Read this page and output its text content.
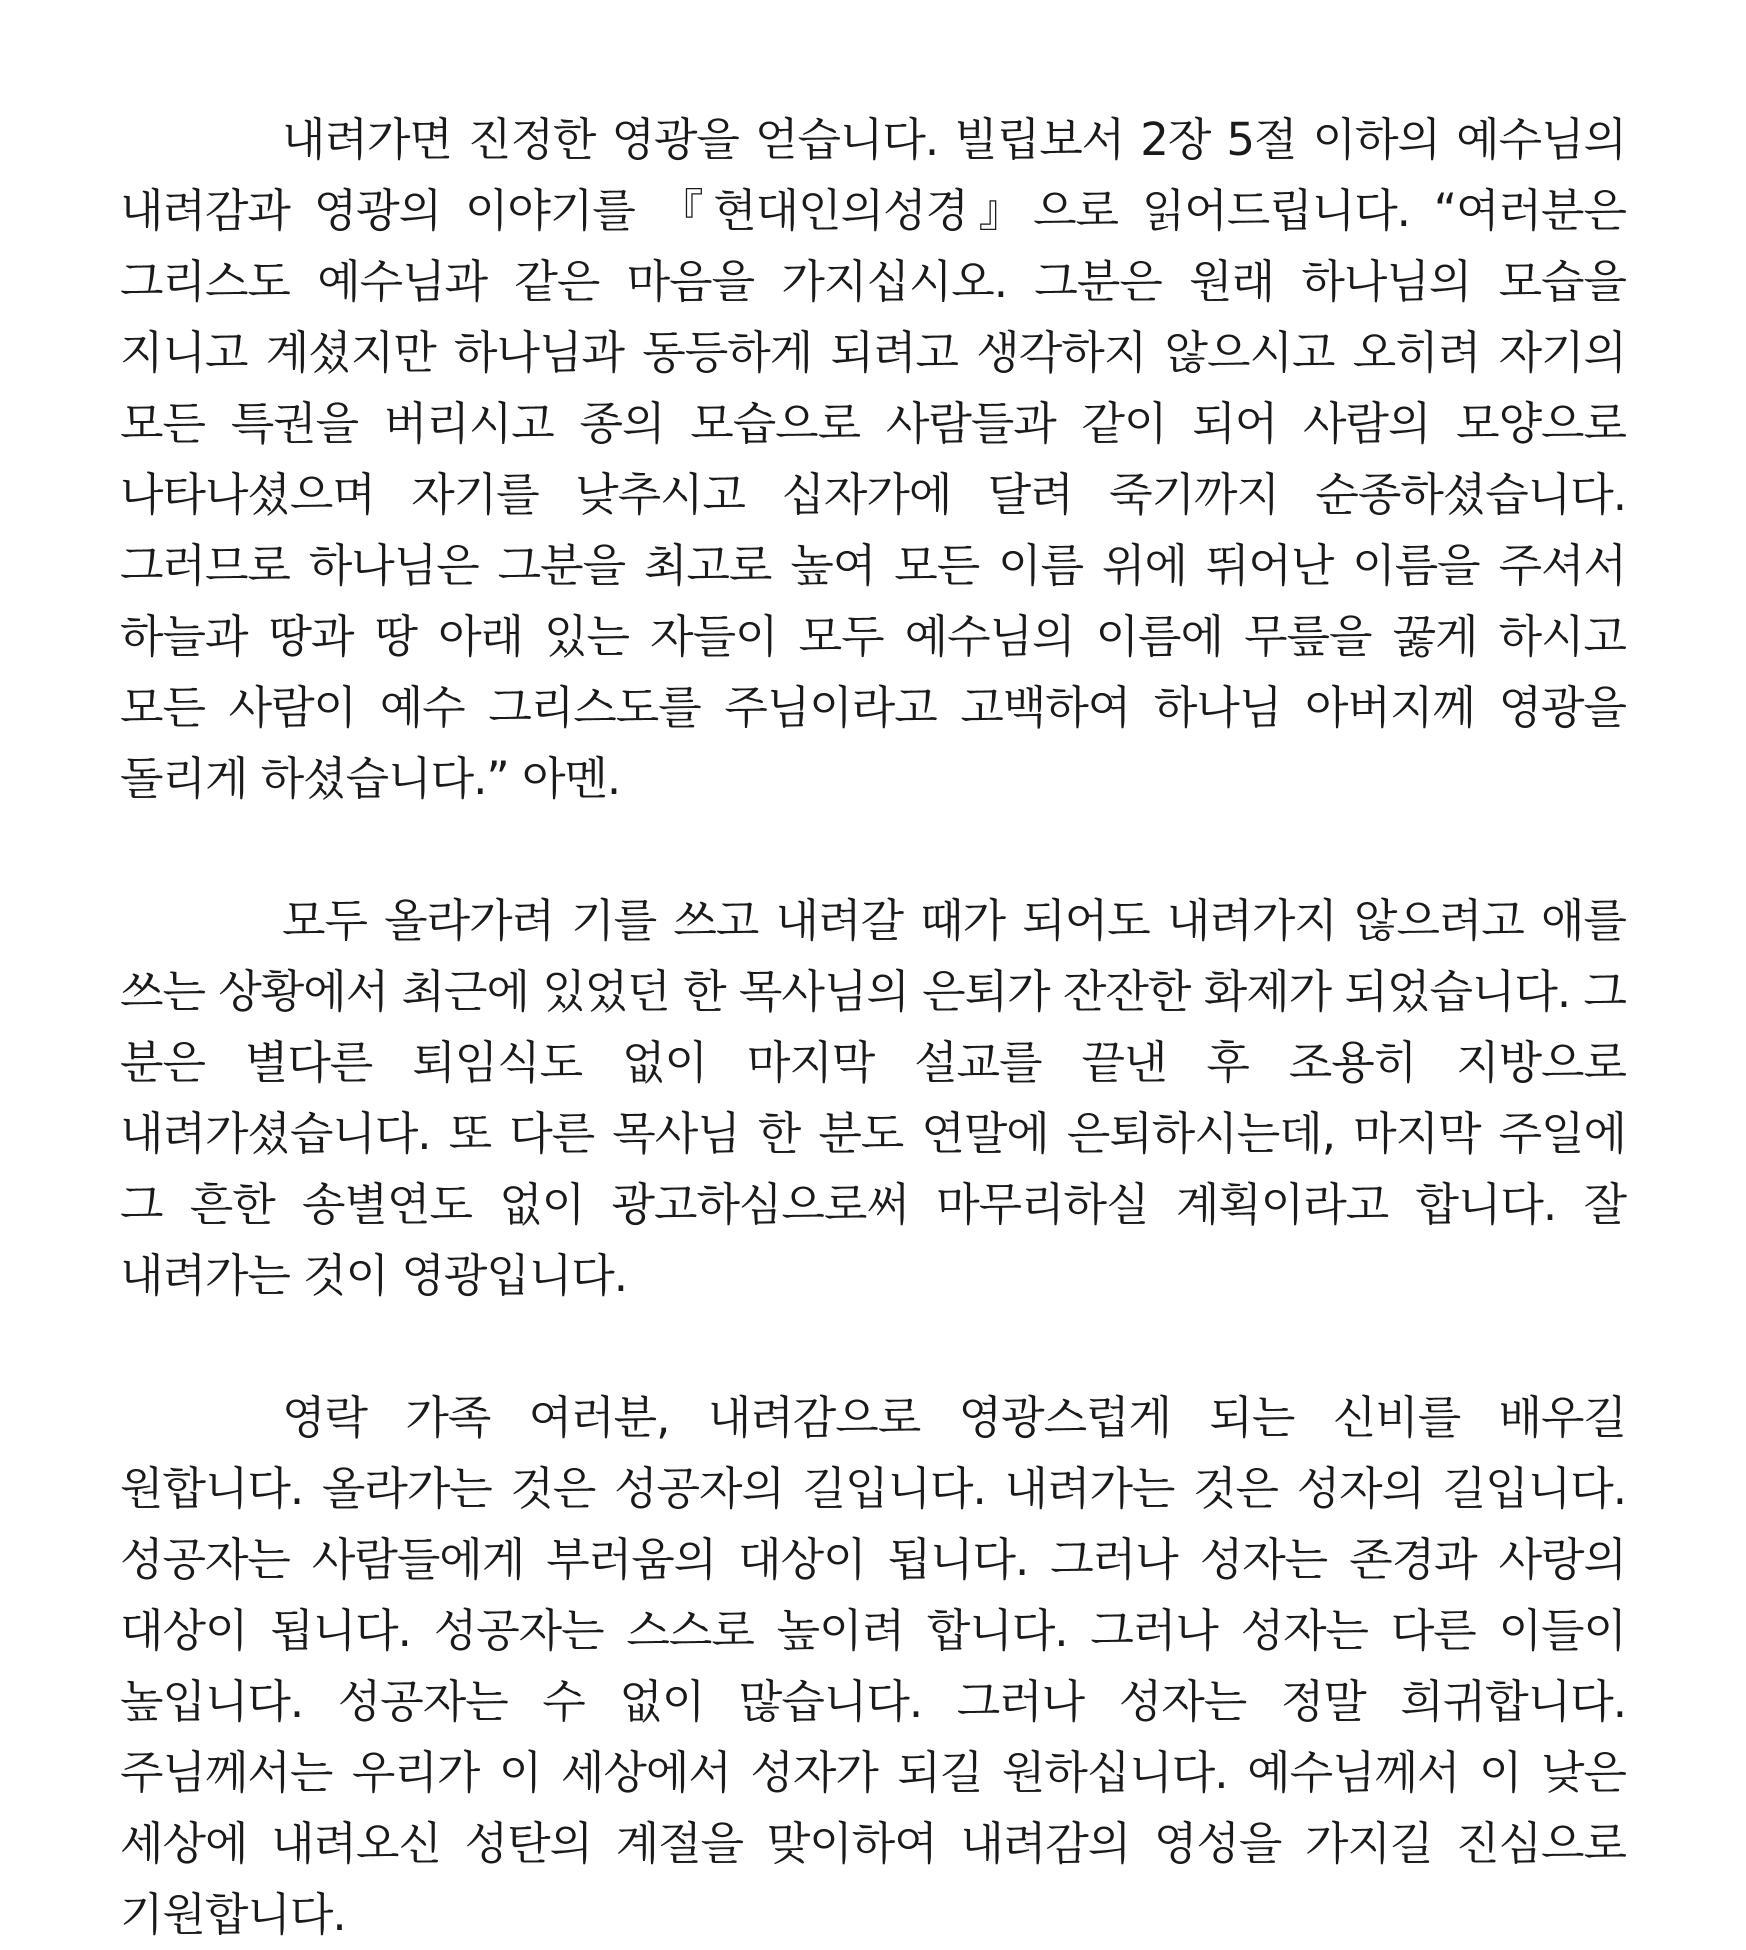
내려가면 진정한 영광을 얻습니다. 빌립보서 2장 5절 이하의 예수님의 내려감과 영광의 이야기를 『현대인의성경』으로 읽어드립니다. “여러분은 그리스도 예수님과 같은 마음을 가지십시오. 그분은 원래 하나님의 모습을 지니고 계셨지만 하나님과 동등하게 되려고 생각하지 않으시고 오히려 자기의 모든 특권을 버리시고 종의 모습으로 사람들과 같이 되어 사람의 모양으로 나타나셨으며 자기를 낮추시고 십자가에 달려 죽기까지 순종하셨습니다. 그러므로 하나님은 그분을 최고로 높여 모든 이름 위에 뛰어난 이름을 주셔서 하늘과 땅과 땅 아래 있는 자들이 모두 예수님의 이름에 무릎을 꿇게 하시고 모든 사람이 예수 그리스도를 주님이라고 고백하여 하나님 아버지께 영광을 돌리게 하셨습니다.” 아멘.

모두 올라가려 기를 쓰고 내려갈 때가 되어도 내려가지 않으려고 애를 쓰는 상황에서 최근에 있었던 한 목사님의 은퇴가 잔잔한 화제가 되었습니다. 그 분은 별다른 퇴임식도 없이 마지막 설교를 끝낸 후 조용히 지방으로 내려가셨습니다. 또 다른 목사님 한 분도 연말에 은퇴하시는데, 마지막 주일에 그 흔한 송별연도 없이 광고하심으로써 마무리하실 계획이라고 합니다. 잘 내려가는 것이 영광입니다.

영락 가족 여러분, 내려감으로 영광스럽게 되는 신비를 배우길 원합니다. 올라가는 것은 성공자의 길입니다. 내려가는 것은 성자의 길입니다. 성공자는 사람들에게 부러움의 대상이 됩니다. 그러나 성자는 존경과 사랑의 대상이 됩니다. 성공자는 스스로 높이려 합니다. 그러나 성자는 다른 이들이 높입니다. 성공자는 수 없이 많습니다. 그러나 성자는 정말 희귀합니다. 주님께서는 우리가 이 세상에서 성자가 되길 원하십니다. 예수님께서 이 낮은 세상에 내려오신 성탄의 계절을 맞이하여 내려감의 영성을 가지길 진심으로 기원합니다.
